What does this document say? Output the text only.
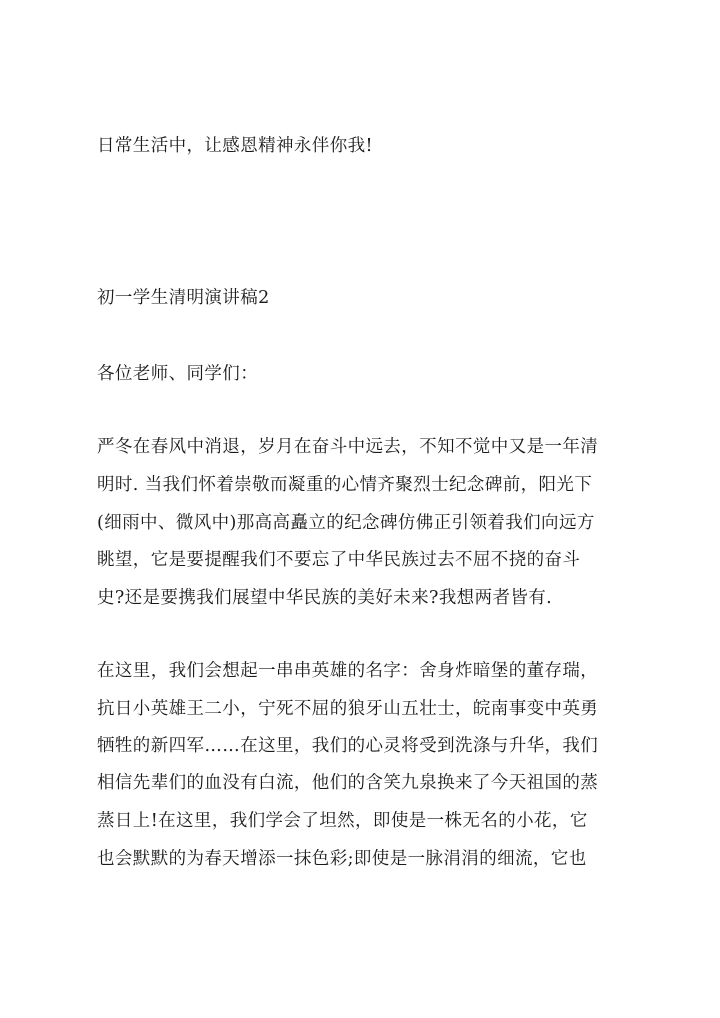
日常生活中，让感恩精神永伴你我!
初一学生清明演讲稿2
各位老师、同学们：
严冬在春风中消退，岁月在奋斗中远去，不知不觉中又是一年清
明时. 当我们怀着崇敬而凝重的心情齐聚烈士纪念碑前，阳光下
(细雨中、微风中)那高高矗立的纪念碑仿佛正引领着我们向远方
眺望，它是要提醒我们不要忘了中华民族过去不屈不挠的奋斗
史?还是要携我们展望中华民族的美好未来?我想两者皆有.
在这里，我们会想起一串串英雄的名字：舍身炸暗堡的董存瑞，
抗日小英雄王二小，宁死不屈的狼牙山五壮士，皖南事变中英勇
牺牲的新四军……在这里，我们的心灵将受到洗涤与升华，我们
相信先辈们的血没有白流，他们的含笑九泉换来了今天祖国的蒸
蒸日上!在这里，我们学会了坦然，即使是一株无名的小花，它
也会默默的为春天增添一抹色彩;即使是一脉涓涓的细流，它也
